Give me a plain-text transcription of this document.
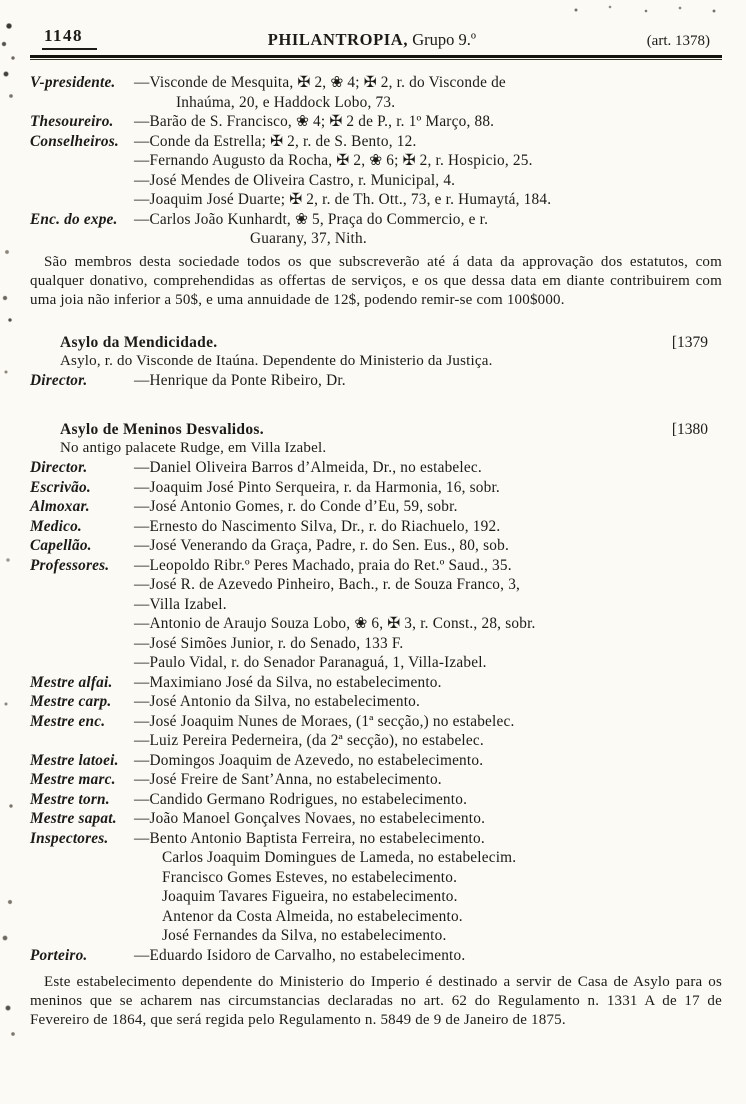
1148	PHILANTROPIA, Grupo 9.º	(art. 1378)
V-presidente.	—Visconde de Mesquita, ✠ 2, ❀ 4; ✠ 2, r. do Visconde de
Inhaúma, 20, e Haddock Lobo, 73.
Thesoureiro.	—Barão de S. Francisco, ❀ 4; ✠ 2 de P., r. 1º Março, 88.
Conselheiros. —Conde da Estrella; ✠ 2, r. de S. Bento, 12.
—Fernando Augusto da Rocha, ✠ 2, ❀ 6; ✠ 2, r. Hospicio, 25.
—José Mendes de Oliveira Castro, r. Municipal, 4.
—Joaquim José Duarte; ✠ 2, r. de Th. Ott., 73, e r. Humaytá, 184.
Enc. do expe.	—Carlos João Kunhardt, ❀ 5, Praça do Commercio, e r.
Guarany, 37, Nith.

São membros desta sociedade todos os que subscreverão até á data da approvação dos estatutos, com qualquer donativo, comprehendidas as offertas de serviços, e os que dessa data em diante contribuirem com uma joia não inferior a 50$, e uma annuidade de 12$, podendo remir-se com 100$000.

Asylo da Mendicidade.	[1379
Asylo, r. do Visconde de Itaúna. Dependente do Ministerio da Justiça.
Director.	—Henrique da Ponte Ribeiro, Dr.
Asylo de Meninos Desvalidos.	[1380
No antigo palacete Rudge, em Villa Izabel.
Director.	—Daniel Oliveira Barros d’Almeida, Dr., no estabelec.
Escrivão.	—Joaquim José Pinto Serqueira, r. da Harmonia, 16, sobr.
Almoxar.	—José Antonio Gomes, r. do Conde d’Eu, 59, sobr.
Medico.	—Ernesto do Nascimento Silva, Dr., r. do Riachuelo, 192.
Capellão.	—José Venerando da Graça, Padre, r. do Sen. Eus., 80, sob.
Professores.	—Leopoldo Ribr.º Peres Machado, praia do Ret.º Saud., 35.
—José R. de Azevedo Pinheiro, Bach., r. de Souza Franco, 3,
—Villa Izabel.
—Antonio de Araujo Souza Lobo, ❀ 6, ✠ 3, r. Const., 28, sobr.
—José Simões Junior, r. do Senado, 133 F.
—Paulo Vidal, r. do Senador Paranaguá, 1, Villa-Izabel.
Mestre alfai.	—Maximiano José da Silva, no estabelecimento.
Mestre carp.	—José Antonio da Silva, no estabelecimento.
Mestre enc.	—José Joaquim Nunes de Moraes, (1ª secção,) no estabelec.
—Luiz Pereira Pederneira, (da 2ª secção), no estabelec.
Mestre latoei.	—Domingos Joaquim de Azevedo, no estabelecimento.
Mestre marc.	—José Freire de Sant’Anna, no estabelecimento.
Mestre torn.	—Candido Germano Rodrigues, no estabelecimento.
Mestre sapat.	—João Manoel Gonçalves Novaes, no estabelecimento.
Inspectores.	—Bento Antonio Baptista Ferreira, no estabelecimento.
Carlos Joaquim Domingues de Lameda, no estabelecim.
Francisco Gomes Esteves, no estabelecimento.
Joaquim Tavares Figueira, no estabelecimento.
Antenor da Costa Almeida, no estabelecimento.
José Fernandes da Silva, no estabelecimento.
Porteiro.	—Eduardo Isidoro de Carvalho, no estabelecimento.

Este estabelecimento dependente do Ministerio do Imperio é destinado a servir de Casa de Asylo para os meninos que se acharem nas circumstancias declaradas no art. 62 do Regulamento n. 1331 A de 17 de Fevereiro de 1864, que será regida pelo Regulamento n. 5849 de 9 de Janeiro de 1875.
